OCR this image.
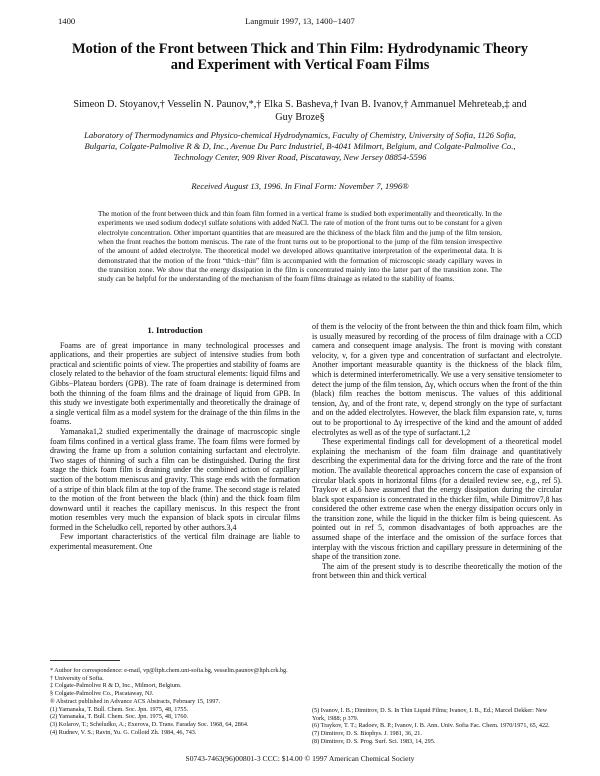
1400	Langmuir 1997, 13, 1400−1407
Motion of the Front between Thick and Thin Film: Hydrodynamic Theory and Experiment with Vertical Foam Films
Simeon D. Stoyanov,† Vesselin N. Paunov,*,† Elka S. Basheva,† Ivan B. Ivanov,† Ammanuel Mehreteab,‡ and Guy Broze§
Laboratory of Thermodynamics and Physico-chemical Hydrodynamics, Faculty of Chemistry, University of Sofia, 1126 Sofia, Bulgaria, Colgate-Palmolive R & D, Inc., Avenue Du Parc Industriel, B-4041 Milmort, Belgium, and Colgate-Palmolive Co., Technology Center, 909 River Road, Piscataway, New Jersey 08854-5596
Received August 13, 1996. In Final Form: November 7, 1996®
The motion of the front between thick and thin foam film formed in a vertical frame is studied both experimentally and theoretically. In the experiments we used sodium dodecyl sulfate solutions with added NaCl. The rate of motion of the front turns out to be constant for a given electrolyte concentration. Other important quantities that are measured are the thickness of the black film and the jump of the film tension, when the front reaches the bottom meniscus. The rate of the front turns out to be proportional to the jump of the film tension irrespective of the amount of added electrolyte. The theoretical model we developed allows quantitative interpretation of the experimental data. It is demonstrated that the motion of the front “thick−thin” film is accompanied with the formation of microscopic steady capillary waves in the transition zone. We show that the energy dissipation in the film is concentrated mainly into the latter part of the transition zone. The study can be helpful for the understanding of the mechanism of the foam films drainage as related to the stability of foams.
1. Introduction

Foams are of great importance in many technological processes and applications, and their properties are subject of intensive studies from both practical and scientific points of view. The properties and stability of foams are closely related to the behavior of the foam structural elements: liquid films and Gibbs−Plateau borders (GPB). The rate of foam drainage is determined from both the thinning of the foam films and the drainage of liquid from GPB. In this study we investigate both experimentally and theoretically the drainage of a single vertical film as a model system for the drainage of the thin films in the foams.

Yamanaka1,2 studied experimentally the drainage of macroscopic single foam films confined in a vertical glass frame. The foam films were formed by drawing the frame up from a solution containing surfactant and electrolyte. Two stages of thinning of such a film can be distinguished. During the first stage the thick foam film is draining under the combined action of capillary suction of the bottom meniscus and gravity. This stage ends with the formation of a stripe of thin black film at the top of the frame. The second stage is related to the motion of the front between the black (thin) and the thick foam film downward until it reaches the capillary meniscus. In this respect the front motion resembles very much the expansion of black spots in circular films formed in the Scheludko cell, reported by other authors.3,4

Few important characteristics of the vertical film drainage are liable to experimental measurement. One

of them is the velocity of the front between the thin and thick foam film, which is usually measured by recording of the process of film drainage with a CCD camera and consequent image analysis. The front is moving with constant velocity, v, for a given type and concentration of surfactant and electrolyte. Another important measurable quantity is the thickness of the black film, which is determined interferometrically. We use a very sensitive tensiometer to detect the jump of the film tension, Δγ, which occurs when the front of the thin (black) film reaches the bottom meniscus. The values of this additional tension, Δγ, and of the front rate, v, depend strongly on the type of surfactant and on the added electrolytes. However, the black film expansion rate, v, turns out to be proportional to Δγ irrespective of the kind and the amount of added electrolytes as well as of the type of surfactant.1,2

These experimental findings call for development of a theoretical model explaining the mechanism of the foam film drainage and quantitatively describing the experimental data for the driving force and the rate of the front motion. The available theoretical approaches concern the case of expansion of circular black spots in horizontal films (for a detailed review see, e.g., ref 5). Traykov et al.6 have assumed that the energy dissipation during the circular black spot expansion is concentrated in the thicker film, while Dimitrov7,8 has considered the other extreme case when the energy dissipation occurs only in the transition zone, while the liquid in the thicker film is being quiescent. As pointed out in ref 5, common disadvantages of both approaches are the assumed shape of the interface and the omission of the surface forces that interplay with the viscous friction and capillary pressure in determining of the shape of the transition zone.

The aim of the present study is to describe theoretically the motion of the front between thin and thick vertical

* Author for correspondence: e-mail, vp@ltph.chem.uni-sofia.bg, vesselin.paunov@ltph.crk.bg.

† University of Sofia.

‡ Colgate-Palmolive R & D, Inc., Milmort, Belgium.

§ Colgate-Palmolive Co., Piscataway, NJ.

® Abstract published in Advance ACS Abstracts, February 15, 1997.

(1) Yamanaka, T. Bull. Chem. Soc. Jpn. 1975, 48, 1755.

(2) Yamanaka, T. Bull. Chem. Soc. Jpn. 1975, 48, 1760.

(3) Kolarov, T.; Scheludko, A.; Exerova, D. Trans. Faraday Soc. 1968, 64, 2864.

(4) Rudnev, V. S.; Ravin, Yu. G. Colloid Zh. 1984, 46, 743.

(5) Ivanov, I. B.; Dimitrov, D. S. In Thin Liquid Films; Ivanov, I. B., Ed.; Marcel Dekker: New York, 1988; p 379.

(6) Traykov, T. T.; Radoev, B. P.; Ivanov, I. B. Ann. Univ. Sofia Fac. Chem. 1970/1971, 65, 422.

(7) Dimitrov, D. S. Biophys. J. 1981, 36, 21.

(8) Dimitrov, D. S. Prog. Surf. Sci. 1983, 14, 295.

S0743-7463(96)00801-3 CCC: $14.00 © 1997 American Chemical Society
